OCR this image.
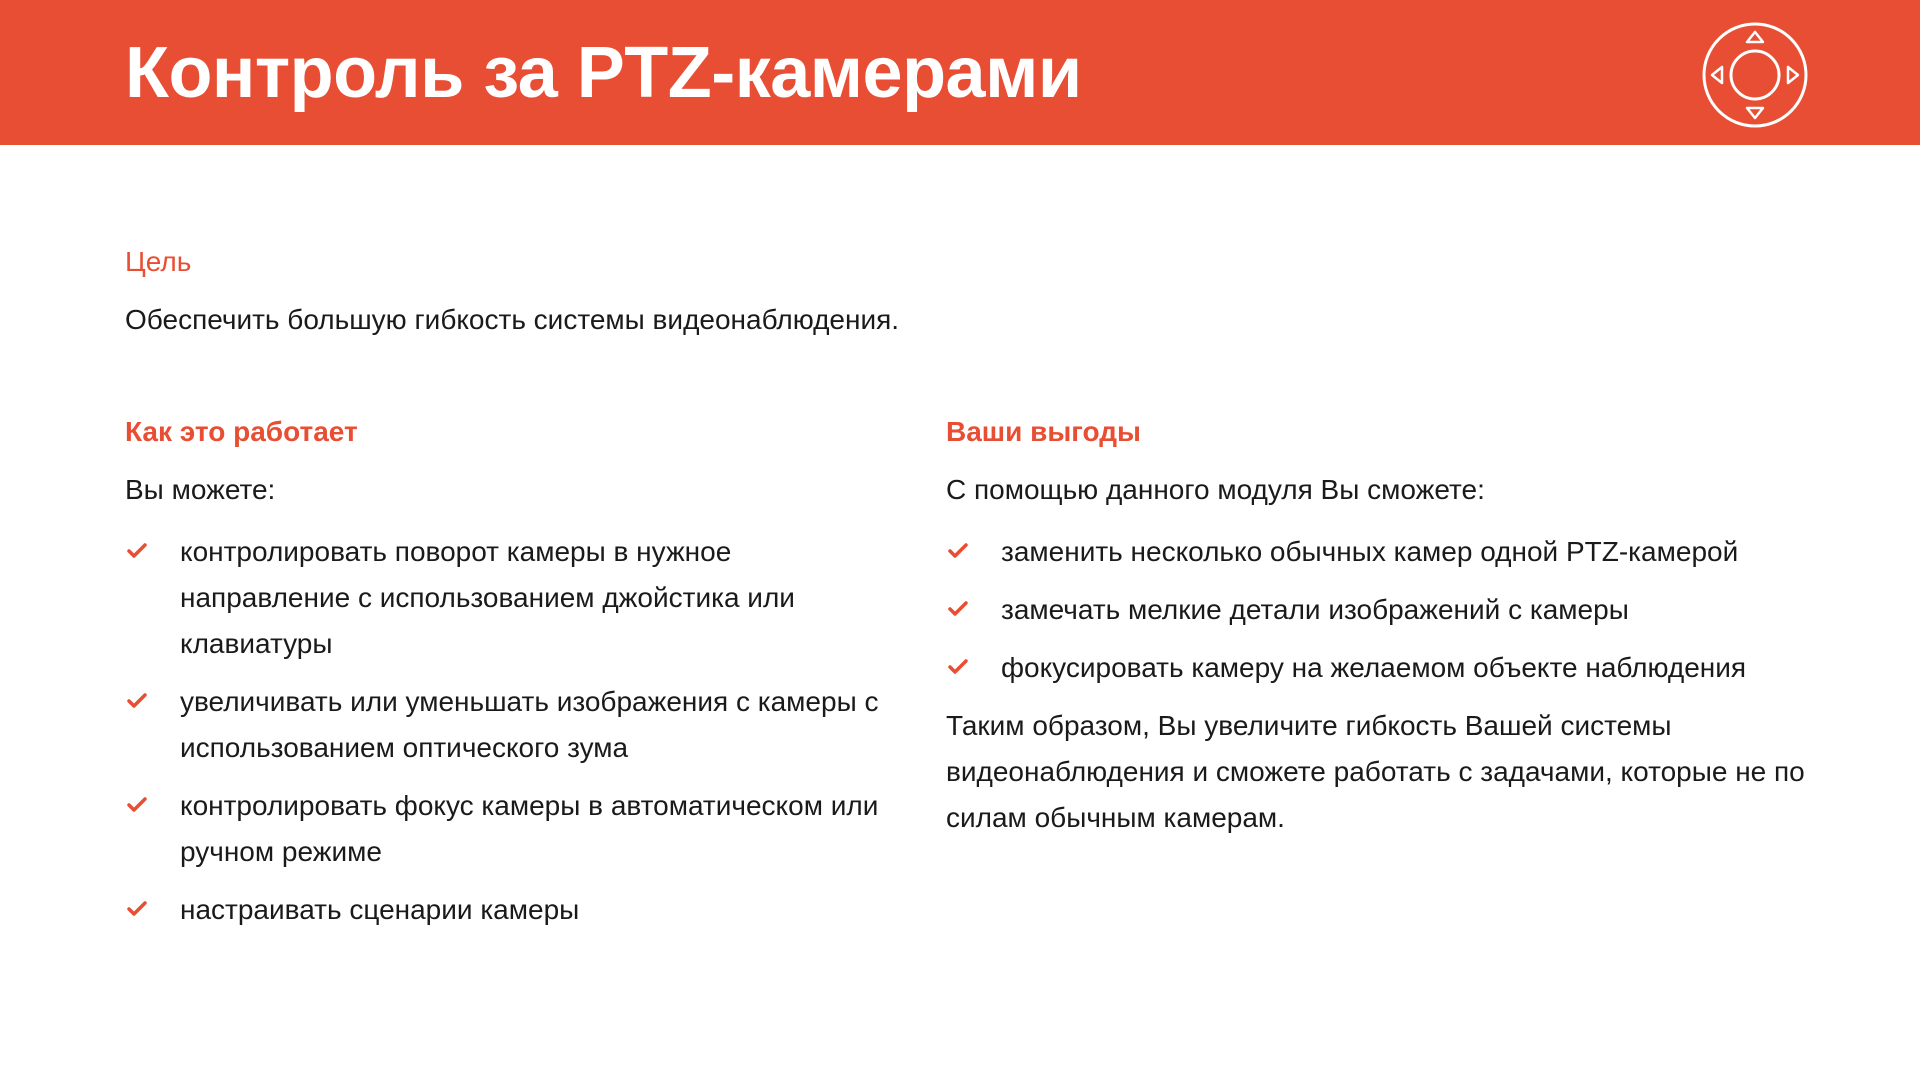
Контроль за PTZ-камерами
Цель
Обеспечить большую гибкость системы видеонаблюдения.
Как это работает
Вы можете:
контролировать поворот камеры в нужное направление с использованием джойстика или клавиатуры
увеличивать или уменьшать изображения с камеры с использованием оптического зума
контролировать фокус камеры в автоматическом или ручном режиме
настраивать сценарии камеры
Ваши выгоды
С помощью данного модуля Вы сможете:
заменить несколько обычных камер одной PTZ-камерой
замечать мелкие детали изображений с камеры
фокусировать камеру на желаемом объекте наблюдения
Таким образом, Вы увеличите гибкость Вашей системы видеонаблюдения и сможете работать с задачами, которые не по силам обычным камерам.
